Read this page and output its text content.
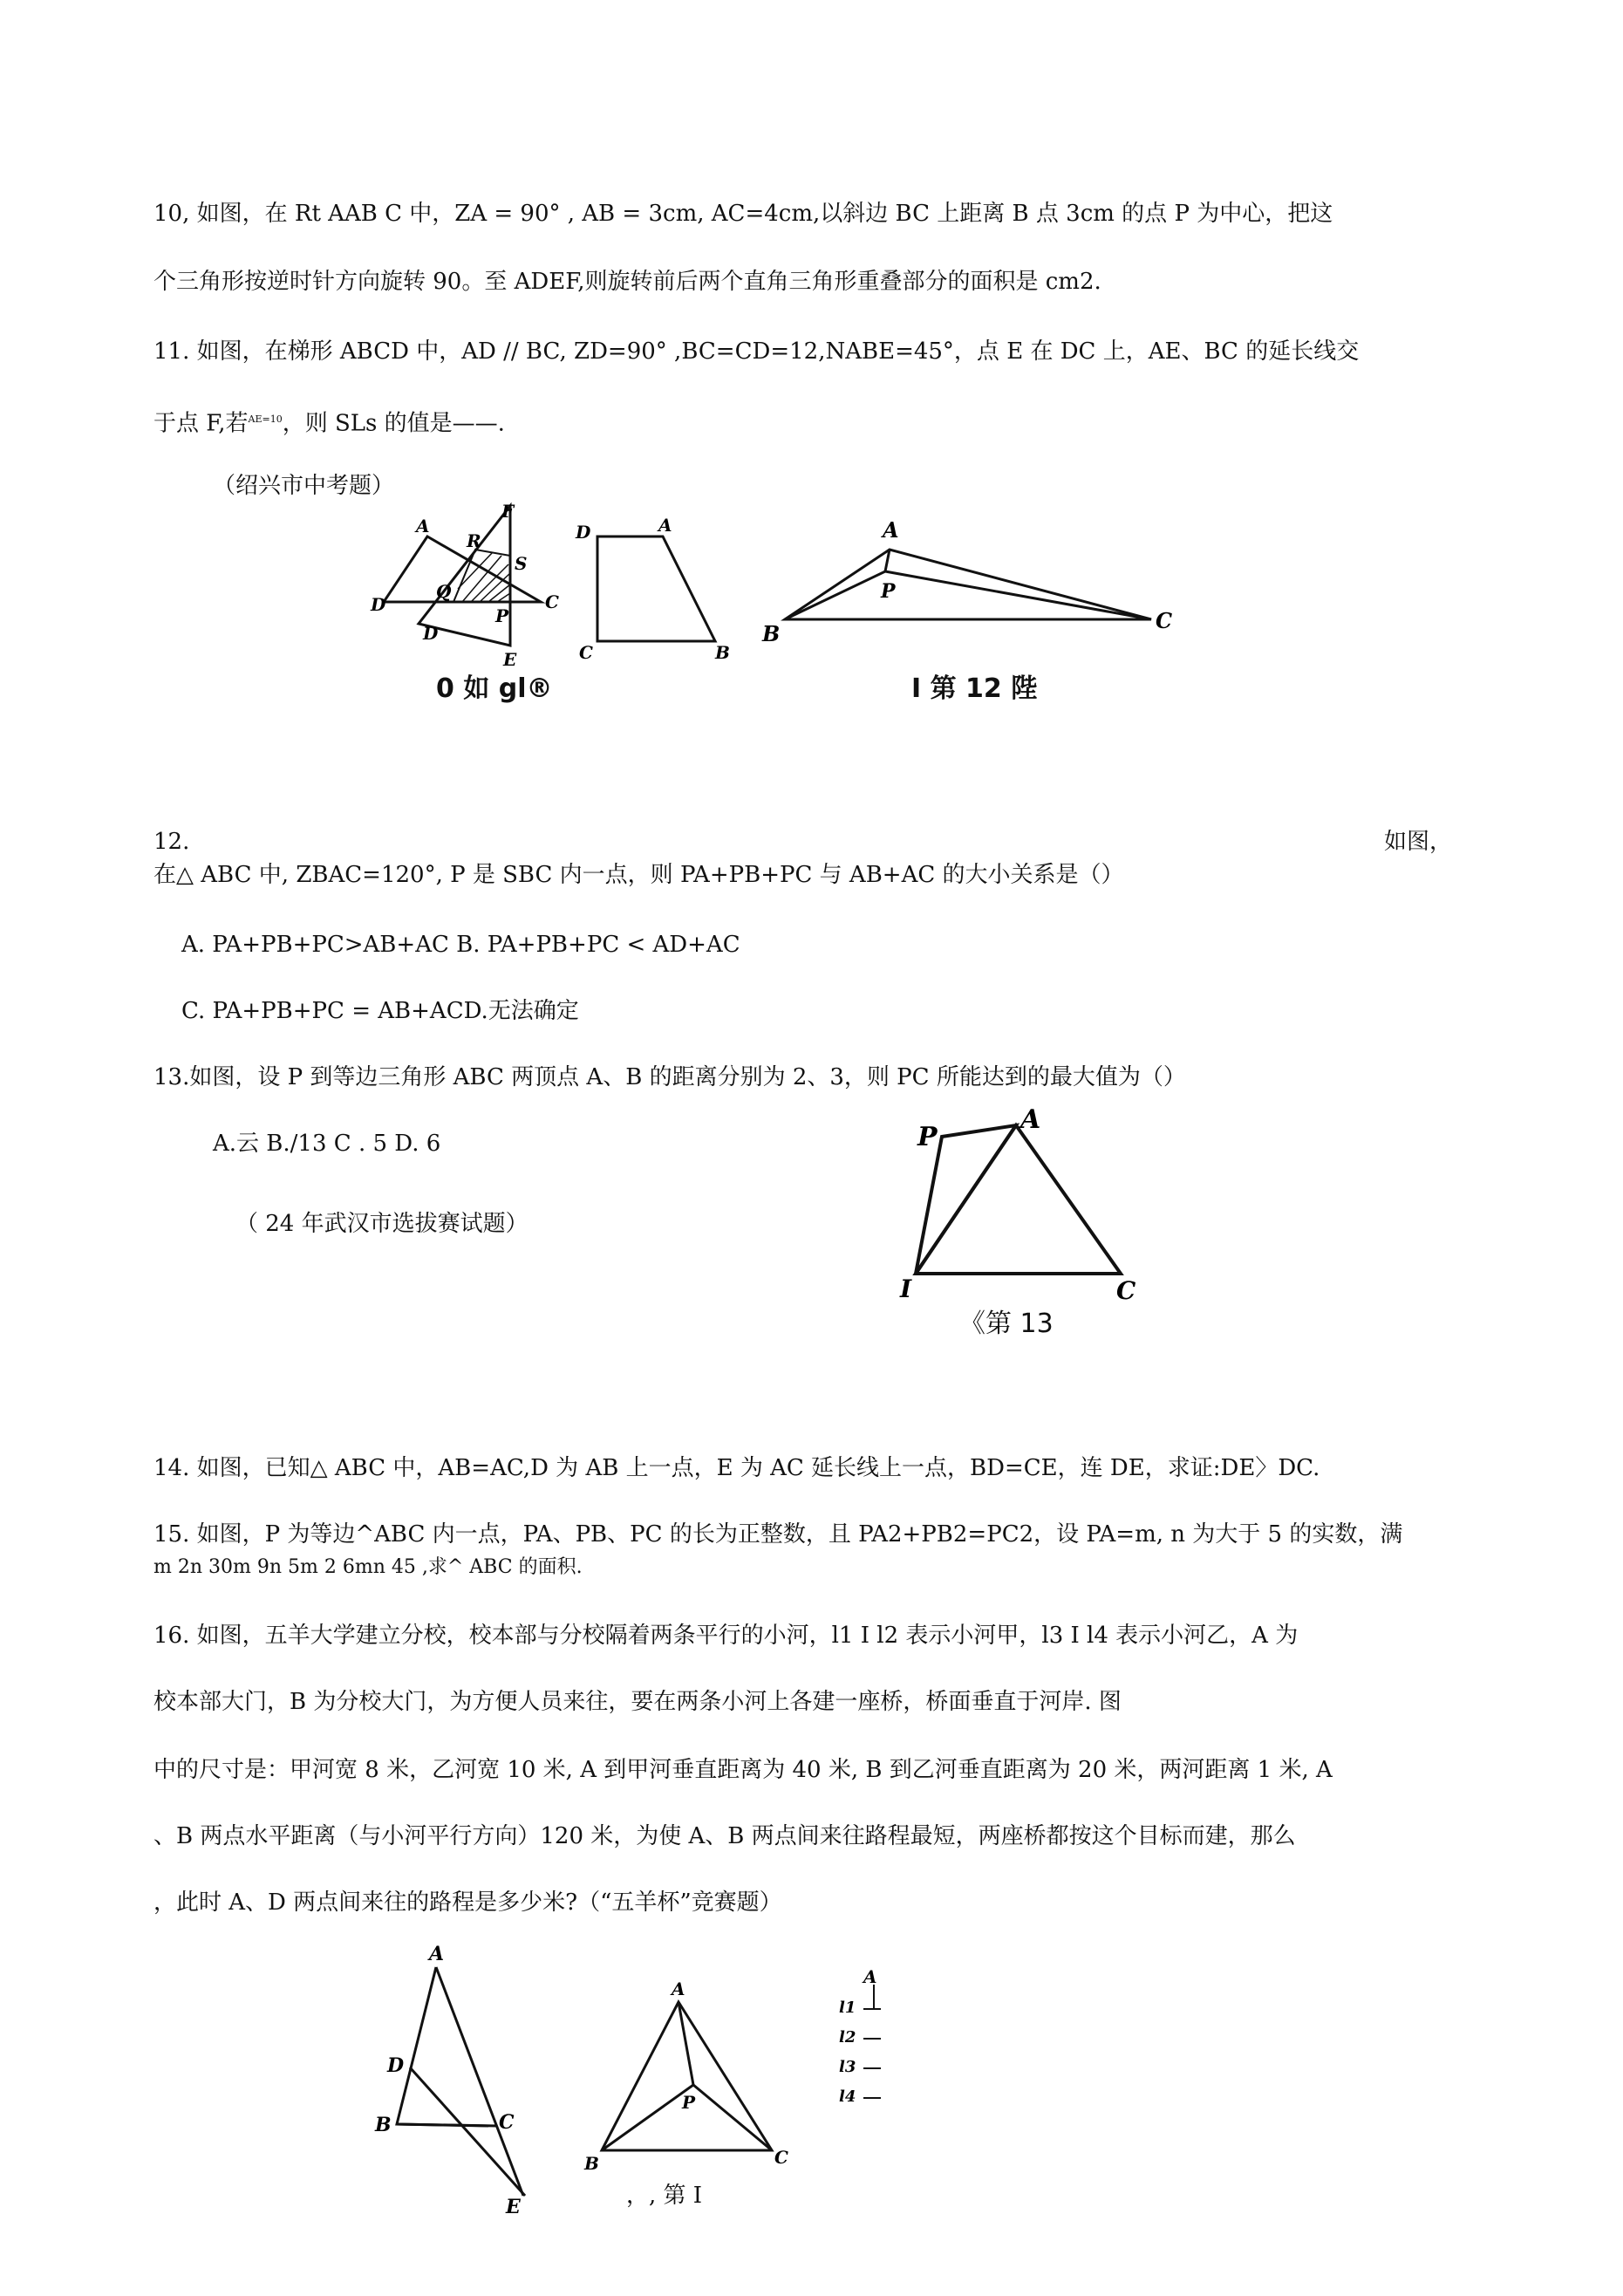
10, 如图，在 Rt AAB C 中，ZA = 90° , AB = 3cm, AC=4cm,以斜边 BC 上距离 B 点 3cm 的点 P 为中心，把这
个三角形按逆时针方向旋转 90。至 ADEF,则旋转前后两个直角三角形重叠部分的面积是 cm2.
11. 如图，在梯形 ABCD 中，AD // BC, ZD=90° ,BC=CD=12,NABE=45°，点 E 在 DC 上，AE、BC 的延长线交
于点 F,若$^{AE=10}$，则 SLs 的值是——.
（绍兴市中考题）
A
R
F
S
D
Q
P
C
D
E
D	A
C	B
A
P
B
C
0 如 gl®	I 第 12 陛
12.	如图，
在△ ABC 中, ZBAC=120°, P 是 SBC 内一点，则 PA+PB+PC 与 AB+AC 的大小关系是（）
A. PA+PB+PC>AB+AC B. PA+PB+PC < AD+AC
C. PA+PB+PC = AB+ACD.无法确定
13.如图，设 P 到等边三角形 ABC 两顶点 A、B 的距离分别为 2、3，则 PC 所能达到的最大值为（）
A.云 B./13 C . 5 D. 6
（ 24 年武汉市选拔赛试题）
P
A
I	C
《第 13
14. 如图，已知△ ABC 中，AB=AC,D 为 AB 上一点，E 为 AC 延长线上一点，BD=CE，连 DE，求证:DE〉DC.
15. 如图，P 为等边^ABC 内一点，PA、PB、PC 的长为正整数，且 PA2+PB2=PC2，设 PA=m, n 为大于 5 的实数，满
m 2n 30m 9n 5m 2 6mn 45 ,求^ ABC 的面积.
16. 如图，五羊大学建立分校，校本部与分校隔着两条平行的小河，l1 I l2 表示小河甲，l3 I l4 表示小河乙，A 为
校本部大门，B 为分校大门，为方便人员来往，要在两条小河上各建一座桥，桥面垂直于河岸. 图
中的尺寸是：甲河宽 8 米，乙河宽 10 米, A 到甲河垂直距离为 40 米, B 到乙河垂直距离为 20 米，两河距离 1 米, A
、B 两点水平距离（与小河平行方向）120 米，为使 A、B 两点间来往路程最短，两座桥都按这个目标而建，那么
，此时 A、D 两点间来往的路程是多少米?（“五羊杯”竞赛题）
A
D
B	C
E
A
P
B	C
A
l1
l2
l3
l4
，, 第 I
